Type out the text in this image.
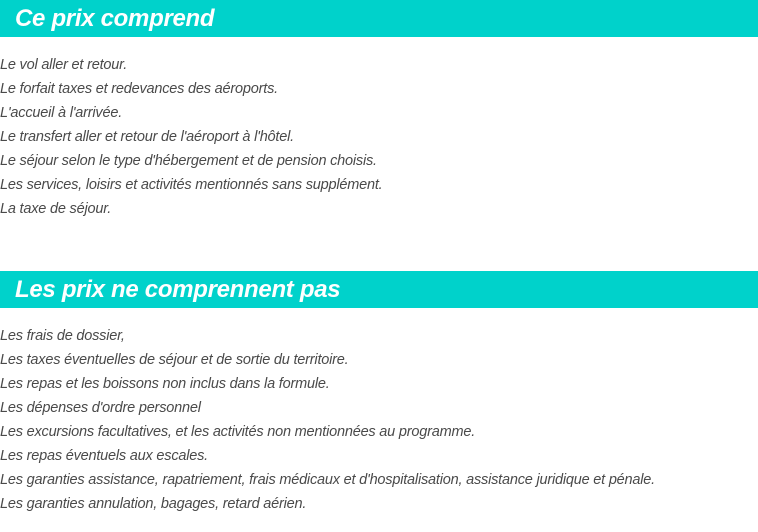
Ce prix comprend
Le vol aller et retour.
Le forfait taxes et redevances des aéroports.
L'accueil à l'arrivée.
Le transfert aller et retour de l'aéroport à l'hôtel.
Le séjour selon le type d'hébergement et de pension choisis.
Les services, loisirs et activités mentionnés sans supplément.
La taxe de séjour.
Les prix ne comprennent pas
Les frais de dossier,
Les taxes éventuelles de séjour et de sortie du territoire.
Les repas et les boissons non inclus dans la formule.
Les dépenses d'ordre personnel
Les excursions facultatives, et les activités non mentionnées au programme.
Les repas éventuels aux escales.
Les garanties assistance, rapatriement, frais médicaux et d'hospitalisation, assistance juridique et pénale.
Les garanties annulation, bagages, retard aérien.
